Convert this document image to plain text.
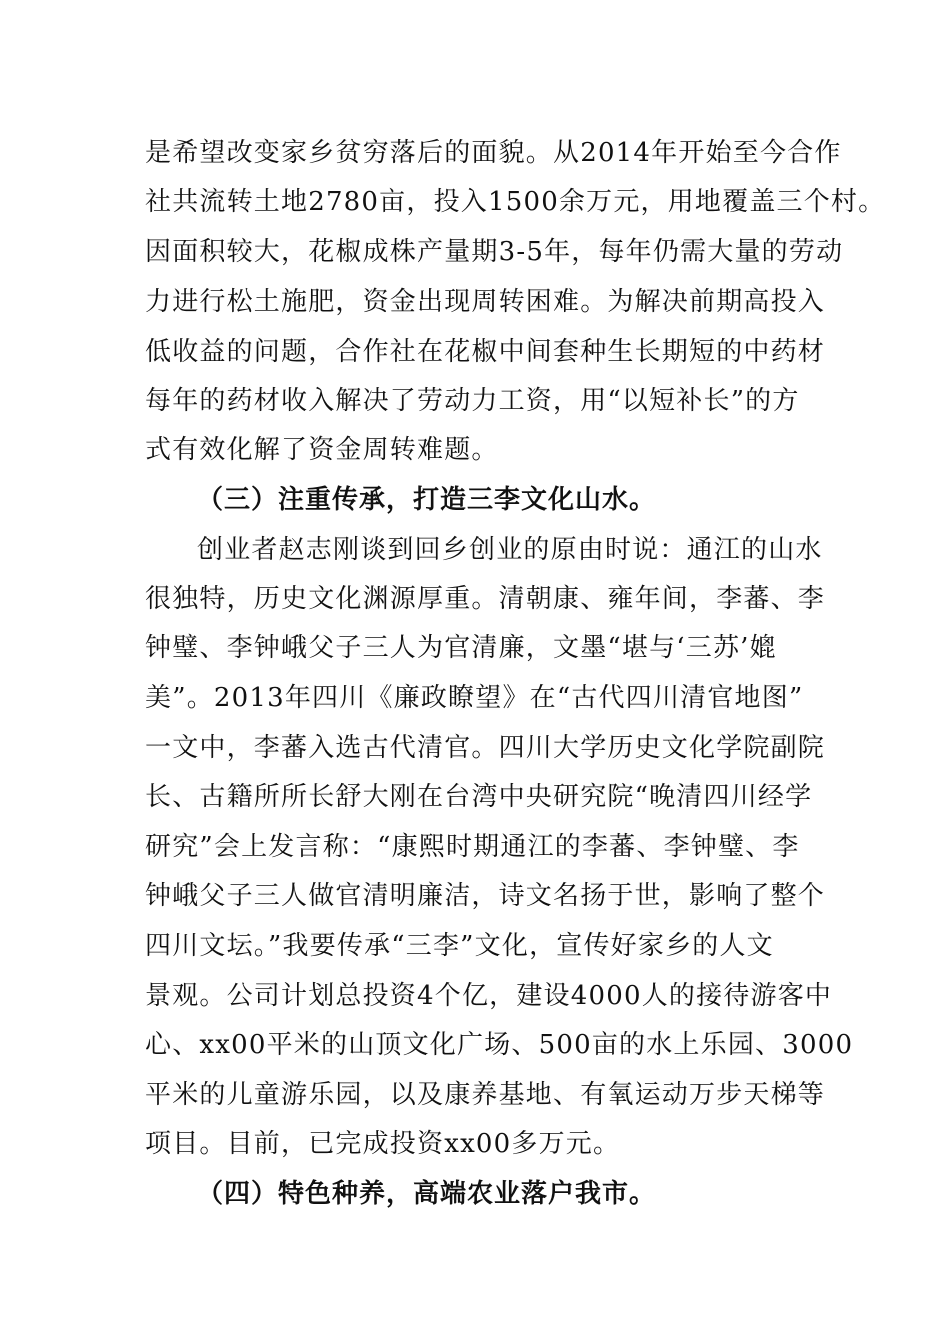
是希望改变家乡贫穷落后的面貌。从2014年开始至今合作
社共流转土地2780亩，投入1500余万元，用地覆盖三个村。
因面积较大，花椒成株产量期3-5年，每年仍需大量的劳动
力进行松土施肥，资金出现周转困难。为解决前期高投入
低收益的问题，合作社在花椒中间套种生长期短的中药材
每年的药材收入解决了劳动力工资，用“以短补长”的方
式有效化解了资金周转难题。
（三）注重传承，打造三李文化山水。
创业者赵志刚谈到回乡创业的原由时说：通江的山水
很独特，历史文化渊源厚重。清朝康、雍年间，李蕃、李
钟璧、李钟峨父子三人为官清廉，文墨“堪与‘三苏’媲
美”。2013年四川《廉政瞭望》在“古代四川清官地图”
一文中，李蕃入选古代清官。四川大学历史文化学院副院
长、古籍所所长舒大刚在台湾中央研究院“晚清四川经学
研究”会上发言称：“康熙时期通江的李蕃、李钟璧、李
钟峨父子三人做官清明廉洁，诗文名扬于世，影响了整个
四川文坛。”我要传承“三李”文化，宣传好家乡的人文
景观。公司计划总投资4个亿，建设4000人的接待游客中
心、xx00平米的山顶文化广场、500亩的水上乐园、3000
平米的儿童游乐园，以及康养基地、有氧运动万步天梯等
项目。目前，已完成投资xx00多万元。
（四）特色种养，高端农业落户我市。
